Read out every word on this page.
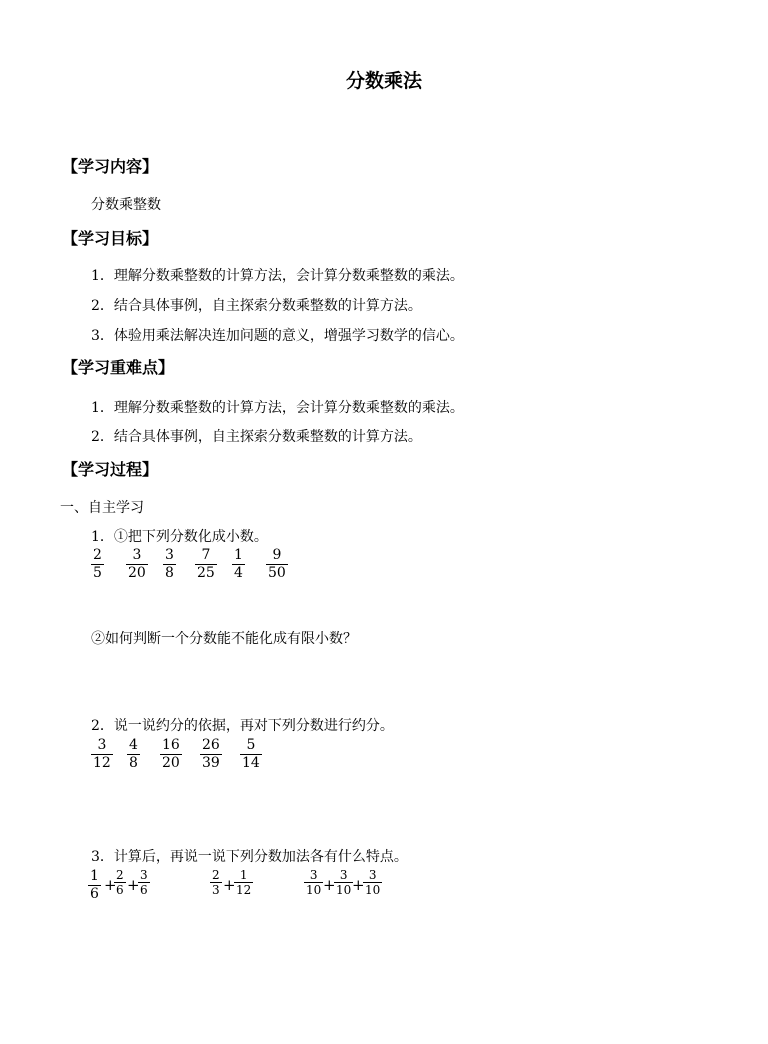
分数乘法
【学习内容】
分数乘整数
【学习目标】
1．理解分数乘整数的计算方法，会计算分数乘整数的乘法。
2．结合具体事例，自主探索分数乘整数的计算方法。
3．体验用乘法解决连加问题的意义，增强学习数学的信心。
【学习重难点】
1．理解分数乘整数的计算方法，会计算分数乘整数的乘法。
2．结合具体事例，自主探索分数乘整数的计算方法。
【学习过程】
一、自主学习
1．①把下列分数化成小数。
2
5
3
20
3
8
7
25
1
4
9
50
②如何判断一个分数能不能化成有限小数？
2．说一说约分的依据，再对下列分数进行约分。
3
12
4
8
16
20
26
39
5
14
3．计算后，再说一说下列分数加法各有什么特点。
1
6 +
2
6 +
3
6
2
3 +
1
12
3
10 +
3
10 +
3
10
